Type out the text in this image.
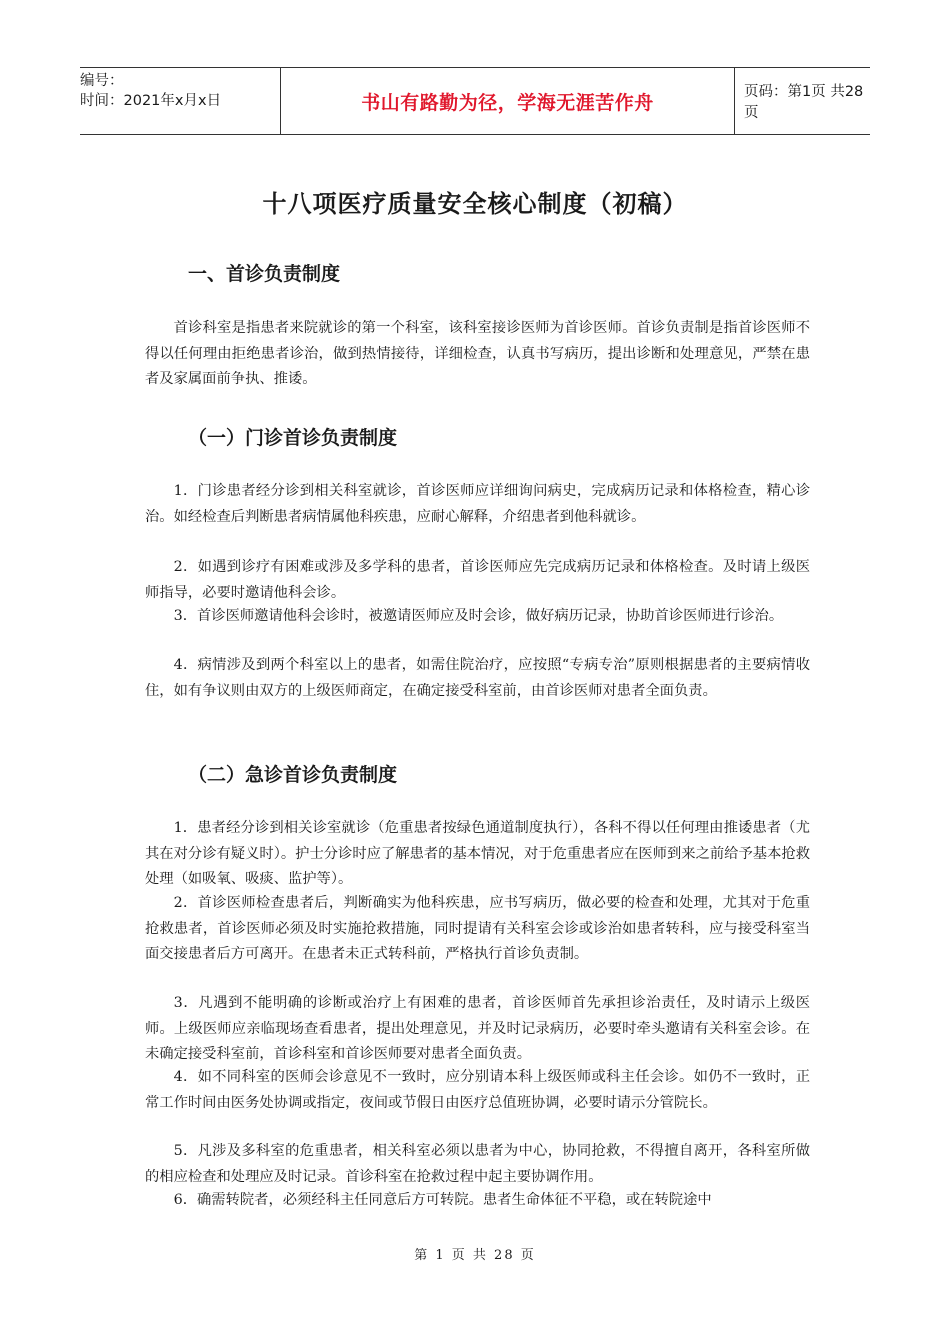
编号：
时间：2021年x月x日	书山有路勤为径，学海无涯苦作舟	页码：第1页 共28页
十八项医疗质量安全核心制度（初稿）
一、首诊负责制度

首诊科室是指患者来院就诊的第一个科室，该科室接诊医师为首诊医师。首诊负责制是指首诊医师不得以任何理由拒绝患者诊治，做到热情接待，详细检查，认真书写病历，提出诊断和处理意见，严禁在患者及家属面前争执、推诿。

（一）门诊首诊负责制度

1．门诊患者经分诊到相关科室就诊，首诊医师应详细询问病史，完成病历记录和体格检查，精心诊治。如经检查后判断患者病情属他科疾患，应耐心解释，介绍患者到他科就诊。

2．如遇到诊疗有困难或涉及多学科的患者，首诊医师应先完成病历记录和体格检查。及时请上级医师指导，必要时邀请他科会诊。

3．首诊医师邀请他科会诊时，被邀请医师应及时会诊，做好病历记录，协助首诊医师进行诊治。

4．病情涉及到两个科室以上的患者，如需住院治疗，应按照“专病专治”原则根据患者的主要病情收住，如有争议则由双方的上级医师商定，在确定接受科室前，由首诊医师对患者全面负责。

（二）急诊首诊负责制度

1．患者经分诊到相关诊室就诊（危重患者按绿色通道制度执行），各科不得以任何理由推诿患者（尤其在对分诊有疑义时）。护士分诊时应了解患者的基本情况，对于危重患者应在医师到来之前给予基本抢救处理（如吸氧、吸痰、监护等）。

2．首诊医师检查患者后，判断确实为他科疾患，应书写病历，做必要的检查和处理，尤其对于危重抢救患者，首诊医师必须及时实施抢救措施，同时提请有关科室会诊或诊治如患者转科，应与接受科室当面交接患者后方可离开。在患者未正式转科前，严格执行首诊负责制。

3．凡遇到不能明确的诊断或治疗上有困难的患者，首诊医师首先承担诊治责任，及时请示上级医师。上级医师应亲临现场查看患者，提出处理意见，并及时记录病历，必要时牵头邀请有关科室会诊。在未确定接受科室前，首诊科室和首诊医师要对患者全面负责。

4．如不同科室的医师会诊意见不一致时，应分别请本科上级医师或科主任会诊。如仍不一致时，正常工作时间由医务处协调或指定，夜间或节假日由医疗总值班协调，必要时请示分管院长。

5．凡涉及多科室的危重患者，相关科室必须以患者为中心，协同抢救，不得擅自离开，各科室所做的相应检查和处理应及时记录。首诊科室在抢救过程中起主要协调作用。

6．确需转院者，必须经科主任同意后方可转院。患者生命体征不平稳，或在转院途中

第 1 页 共 28 页
